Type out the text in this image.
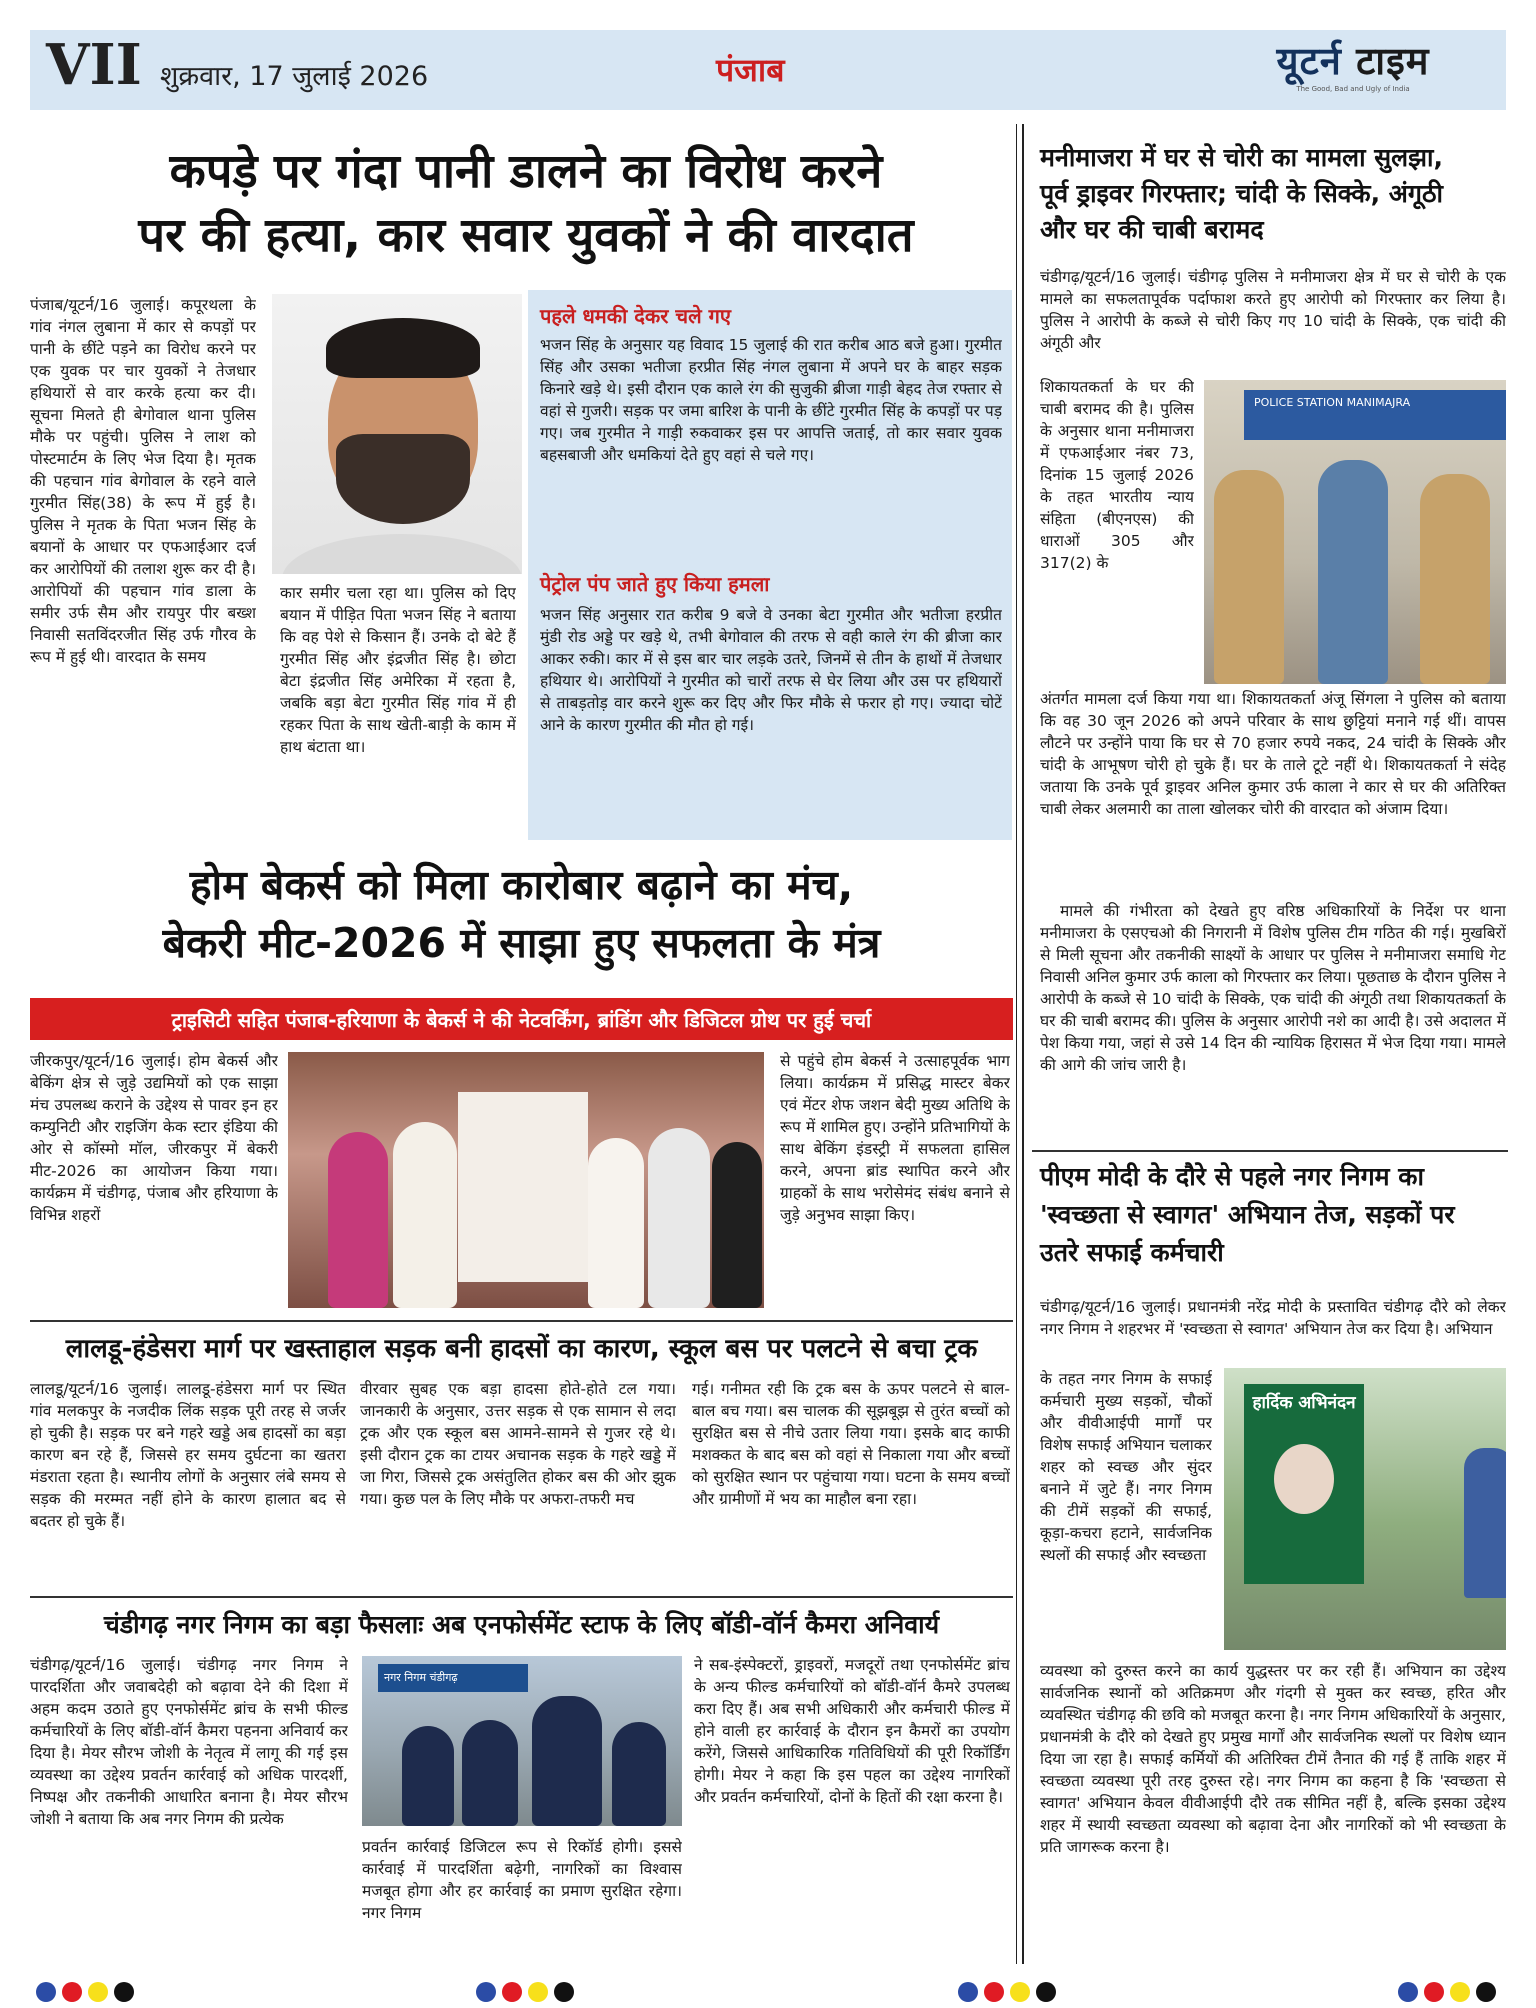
VII शुक्रवार, 17 जुलाई 2026	पंजाब	यूटर्न टाइम
The Good, Bad and Ugly of India
कपड़े पर गंदा पानी डालने का विरोध करने
पर की हत्या, कार सवार युवकों ने की वारदात
पंजाब/यूटर्न/16 जुलाई। कपूरथला के गांव नंगल लुबाना में कार से कपड़ों पर पानी के छींटे पड़ने का विरोध करने पर एक युवक पर चार युवकों ने तेजधार हथियारों से वार करके हत्या कर दी। सूचना मिलते ही बेगोवाल थाना पुलिस मौके पर पहुंची। पुलिस ने लाश को पोस्टमार्टम के लिए भेज दिया है। मृतक की पहचान गांव बेगोवाल के रहने वाले गुरमीत सिंह(38) के रूप में हुई है। पुलिस ने मृतक के पिता भजन सिंह के बयानों के आधार पर एफआईआर दर्ज कर आरोपियों की तलाश शुरू कर दी है। आरोपियों की पहचान गांव डाला के समीर उर्फ सैम और रायपुर पीर बख्श निवासी सतविंदरजीत सिंह उर्फ गौरव के रूप में हुई थी। वारदात के समय
कार समीर चला रहा था। पुलिस को दिए बयान में पीड़ित पिता भजन सिंह ने बताया कि वह पेशे से किसान हैं। उनके दो बेटे हैं गुरमीत सिंह और इंद्रजीत सिंह है। छोटा बेटा इंद्रजीत सिंह अमेरिका में रहता है, जबकि बड़ा बेटा गुरमीत सिंह गांव में ही रहकर पिता के साथ खेती-बाड़ी के काम में हाथ बंटाता था।
पहले धमकी देकर चले गए
भजन सिंह के अनुसार यह विवाद 15 जुलाई की रात करीब आठ बजे हुआ। गुरमीत सिंह और उसका भतीजा हरप्रीत सिंह नंगल लुबाना में अपने घर के बाहर सड़क किनारे खड़े थे। इसी दौरान एक काले रंग की सुजुकी ब्रीजा गाड़ी बेहद तेज रफ्तार से वहां से गुजरी। सड़क पर जमा बारिश के पानी के छींटे गुरमीत सिंह के कपड़ों पर पड़ गए। जब गुरमीत ने गाड़ी रुकवाकर इस पर आपत्ति जताई, तो कार सवार युवक बहसबाजी और धमकियां देते हुए वहां से चले गए।
पेट्रोल पंप जाते हुए किया हमला
भजन सिंह अनुसार रात करीब 9 बजे वे उनका बेटा गुरमीत और भतीजा हरप्रीत मुंडी रोड अड्डे पर खड़े थे, तभी बेगोवाल की तरफ से वही काले रंग की ब्रीजा कार आकर रुकी। कार में से इस बार चार लड़के उतरे, जिनमें से तीन के हाथों में तेजधार हथियार थे। आरोपियों ने गुरमीत को चारों तरफ से घेर लिया और उस पर हथियारों से ताबड़तोड़ वार करने शुरू कर दिए और फिर मौके से फरार हो गए। ज्यादा चोटें आने के कारण गुरमीत की मौत हो गई।
होम बेकर्स को मिला कारोबार बढ़ाने का मंच,
बेकरी मीट-2026 में साझा हुए सफलता के मंत्र
ट्राइसिटी सहित पंजाब-हरियाणा के बेकर्स ने की नेटवर्किंग, ब्रांडिंग और डिजिटल ग्रोथ पर हुई चर्चा
जीरकपुर/यूटर्न/16 जुलाई। होम बेकर्स और बेकिंग क्षेत्र से जुड़े उद्यमियों को एक साझा मंच उपलब्ध कराने के उद्देश्य से पावर इन हर कम्युनिटी और राइजिंग केक स्टार इंडिया की ओर से कॉस्मो मॉल, जीरकपुर में बेकरी मीट-2026 का आयोजन किया गया। कार्यक्रम में चंडीगढ़, पंजाब और हरियाणा के विभिन्न शहरों
से पहुंचे होम बेकर्स ने उत्साहपूर्वक भाग लिया। कार्यक्रम में प्रसिद्ध मास्टर बेकर एवं मेंटर शेफ जशन बेदी मुख्य अतिथि के रूप में शामिल हुए। उन्होंने प्रतिभागियों के साथ बेकिंग इंडस्ट्री में सफलता हासिल करने, अपना ब्रांड स्थापित करने और ग्राहकों के साथ भरोसेमंद संबंध बनाने से जुड़े अनुभव साझा किए।
लालडू-हंडेसरा मार्ग पर खस्ताहाल सड़क बनी हादसों का कारण, स्कूल बस पर पलटने से बचा ट्रक
लालडू/यूटर्न/16 जुलाई। लालडू-हंडेसरा मार्ग पर स्थित गांव मलकपुर के नजदीक लिंक सड़क पूरी तरह से जर्जर हो चुकी है। सड़क पर बने गहरे खड्डे अब हादसों का बड़ा कारण बन रहे हैं, जिससे हर समय दुर्घटना का खतरा मंडराता रहता है। स्थानीय लोगों के अनुसार लंबे समय से सड़क की मरम्मत नहीं होने के कारण हालात बद से बदतर हो चुके हैं।
वीरवार सुबह एक बड़ा हादसा होते-होते टल गया। जानकारी के अनुसार, उत्तर सड़क से एक सामान से लदा ट्रक और एक स्कूल बस आमने-सामने से गुजर रहे थे। इसी दौरान ट्रक का टायर अचानक सड़क के गहरे खड्डे में जा गिरा, जिससे ट्रक असंतुलित होकर बस की ओर झुक गया। कुछ पल के लिए मौके पर अफरा-तफरी मच
गई। गनीमत रही कि ट्रक बस के ऊपर पलटने से बाल-बाल बच गया। बस चालक की सूझबूझ से तुरंत बच्चों को सुरक्षित बस से नीचे उतार लिया गया। इसके बाद काफी मशक्कत के बाद बस को वहां से निकाला गया और बच्चों को सुरक्षित स्थान पर पहुंचाया गया। घटना के समय बच्चों और ग्रामीणों में भय का माहौल बना रहा।
चंडीगढ़ नगर निगम का बड़ा फैसलाः अब एनफोर्समेंट स्टाफ के लिए बॉडी-वॉर्न कैमरा अनिवार्य
चंडीगढ़/यूटर्न/16 जुलाई। चंडीगढ़ नगर निगम ने पारदर्शिता और जवाबदेही को बढ़ावा देने की दिशा में अहम कदम उठाते हुए एनफोर्समेंट ब्रांच के सभी फील्ड कर्मचारियों के लिए बॉडी-वॉर्न कैमरा पहनना अनिवार्य कर दिया है। मेयर सौरभ जोशी के नेतृत्व में लागू की गई इस व्यवस्था का उद्देश्य प्रवर्तन कार्रवाई को अधिक पारदर्शी, निष्पक्ष और तकनीकी आधारित बनाना है। मेयर सौरभ जोशी ने बताया कि अब नगर निगम की प्रत्येक
नगर निगम चंडीगढ़
प्रवर्तन कार्रवाई डिजिटल रूप से रिकॉर्ड होगी। इससे कार्रवाई में पारदर्शिता बढ़ेगी, नागरिकों का विश्वास मजबूत होगा और हर कार्रवाई का प्रमाण सुरक्षित रहेगा। नगर निगम
ने सब-इंस्पेक्टरों, ड्राइवरों, मजदूरों तथा एनफोर्समेंट ब्रांच के अन्य फील्ड कर्मचारियों को बॉडी-वॉर्न कैमरे उपलब्ध करा दिए हैं। अब सभी अधिकारी और कर्मचारी फील्ड में होने वाली हर कार्रवाई के दौरान इन कैमरों का उपयोग करेंगे, जिससे आधिकारिक गतिविधियों की पूरी रिकॉर्डिंग होगी। मेयर ने कहा कि इस पहल का उद्देश्य नागरिकों और प्रवर्तन कर्मचारियों, दोनों के हितों की रक्षा करना है।
मनीमाजरा में घर से चोरी का मामला सुलझा,
पूर्व ड्राइवर गिरफ्तार; चांदी के सिक्के, अंगूठी
और घर की चाबी बरामद
चंडीगढ़/यूटर्न/16 जुलाई। चंडीगढ़ पुलिस ने मनीमाजरा क्षेत्र में घर से चोरी के एक मामले का सफलतापूर्वक पर्दाफाश करते हुए आरोपी को गिरफ्तार कर लिया है। पुलिस ने आरोपी के कब्जे से चोरी किए गए 10 चांदी के सिक्के, एक चांदी की अंगूठी और
शिकायतकर्ता के घर की चाबी बरामद की है। पुलिस के अनुसार थाना मनीमाजरा में एफआईआर नंबर 73, दिनांक 15 जुलाई 2026 के तहत भारतीय न्याय संहिता (बीएनएस) की धाराओं 305 और 317(2) के
POLICE STATION MANIMAJRA
अंतर्गत मामला दर्ज किया गया था। शिकायतकर्ता अंजू सिंगला ने पुलिस को बताया कि वह 30 जून 2026 को अपने परिवार के साथ छुट्टियां मनाने गई थीं। वापस लौटने पर उन्होंने पाया कि घर से 70 हजार रुपये नकद, 24 चांदी के सिक्के और चांदी के आभूषण चोरी हो चुके हैं। घर के ताले टूटे नहीं थे। शिकायतकर्ता ने संदेह जताया कि उनके पूर्व ड्राइवर अनिल कुमार उर्फ काला ने कार से घर की अतिरिक्त चाबी लेकर अलमारी का ताला खोलकर चोरी की वारदात को अंजाम दिया।
मामले की गंभीरता को देखते हुए वरिष्ठ अधिकारियों के निर्देश पर थाना मनीमाजरा के एसएचओ की निगरानी में विशेष पुलिस टीम गठित की गई। मुखबिरों से मिली सूचना और तकनीकी साक्ष्यों के आधार पर पुलिस ने मनीमाजरा समाधि गेट निवासी अनिल कुमार उर्फ काला को गिरफ्तार कर लिया। पूछताछ के दौरान पुलिस ने आरोपी के कब्जे से 10 चांदी के सिक्के, एक चांदी की अंगूठी तथा शिकायतकर्ता के घर की चाबी बरामद की। पुलिस के अनुसार आरोपी नशे का आदी है। उसे अदालत में पेश किया गया, जहां से उसे 14 दिन की न्यायिक हिरासत में भेज दिया गया। मामले की आगे की जांच जारी है।
पीएम मोदी के दौरे से पहले नगर निगम का
'स्वच्छता से स्वागत' अभियान तेज, सड़कों पर
उतरे सफाई कर्मचारी
चंडीगढ़/यूटर्न/16 जुलाई। प्रधानमंत्री नरेंद्र मोदी के प्रस्तावित चंडीगढ़ दौरे को लेकर नगर निगम ने शहरभर में 'स्वच्छता से स्वागत' अभियान तेज कर दिया है। अभियान
के तहत नगर निगम के सफाई कर्मचारी मुख्य सड़कों, चौकों और वीवीआईपी मार्गों पर विशेष सफाई अभियान चलाकर शहर को स्वच्छ और सुंदर बनाने में जुटे हैं। नगर निगम की टीमें सड़कों की सफाई, कूड़ा-कचरा हटाने, सार्वजनिक स्थलों की सफाई और स्वच्छता
हार्दिक अभिनंदन
व्यवस्था को दुरुस्त करने का कार्य युद्धस्तर पर कर रही हैं। अभियान का उद्देश्य सार्वजनिक स्थानों को अतिक्रमण और गंदगी से मुक्त कर स्वच्छ, हरित और व्यवस्थित चंडीगढ़ की छवि को मजबूत करना है। नगर निगम अधिकारियों के अनुसार, प्रधानमंत्री के दौरे को देखते हुए प्रमुख मार्गों और सार्वजनिक स्थलों पर विशेष ध्यान दिया जा रहा है। सफाई कर्मियों की अतिरिक्त टीमें तैनात की गई हैं ताकि शहर में स्वच्छता व्यवस्था पूरी तरह दुरुस्त रहे। नगर निगम का कहना है कि 'स्वच्छता से स्वागत' अभियान केवल वीवीआईपी दौरे तक सीमित नहीं है, बल्कि इसका उद्देश्य शहर में स्थायी स्वच्छता व्यवस्था को बढ़ावा देना और नागरिकों को भी स्वच्छता के प्रति जागरूक करना है।
